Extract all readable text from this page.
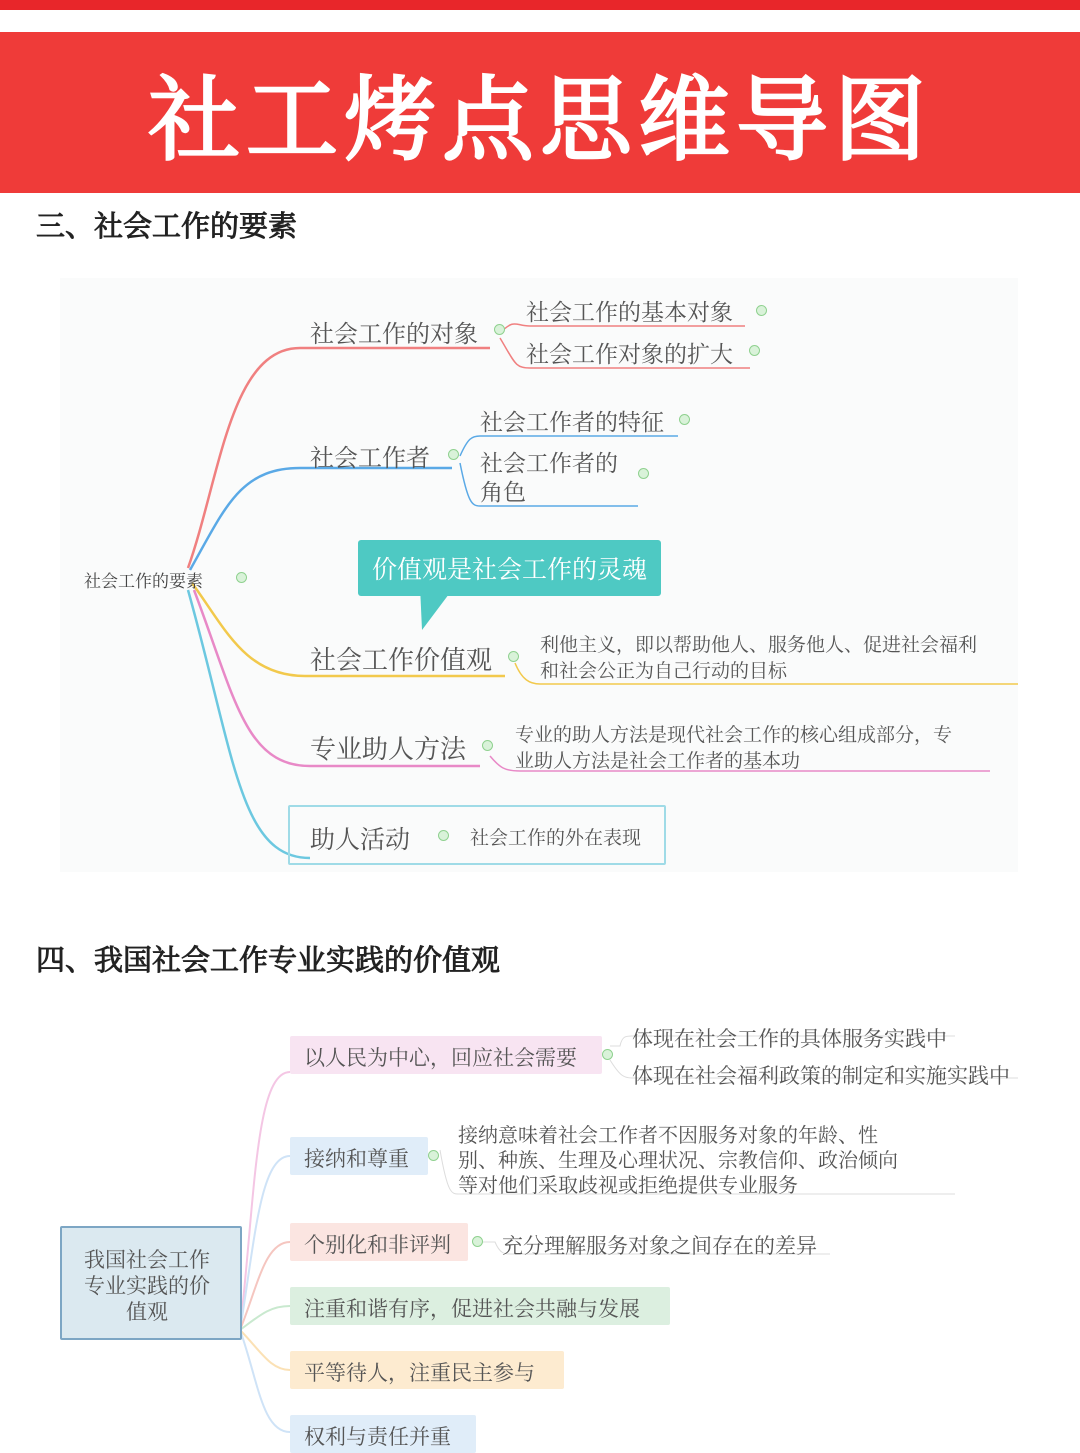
社工烤点思维导图
三、社会工作的要素
社会工作的要素
社会工作的对象
社会工作的基本对象
社会工作对象的扩大
社会工作者
社会工作者的特征
社会工作者的
角色
价值观是社会工作的灵魂
社会工作价值观
利他主义，即以帮助他人、服务他人、促进社会福利
和社会公正为自己行动的目标
专业助人方法	专业的助人方法是现代社会工作的核心组成部分，专
业助人方法是社会工作者的基本功
助人活动	社会工作的外在表现
四、我国社会工作专业实践的价值观
我国社会工作
专业实践的价
值观
以人民为中心，回应社会需要
体现在社会工作的具体服务实践中
体现在社会福利政策的制定和实施实践中
接纳和尊重
接纳意味着社会工作者不因服务对象的年龄、性
别、种族、生理及心理状况、宗教信仰、政治倾向
等对他们采取歧视或拒绝提供专业服务
个别化和非评判 充分理解服务对象之间存在的差异
注重和谐有序，促进社会共融与发展
平等待人，注重民主参与
权利与责任并重
